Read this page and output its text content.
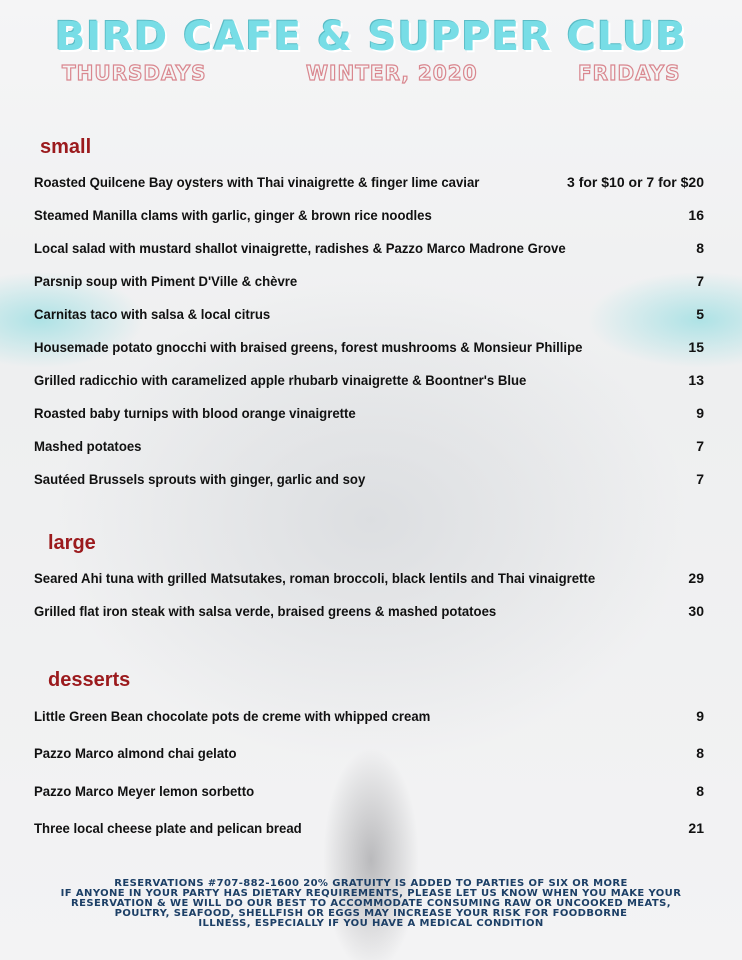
BIRD CAFE & SUPPER CLUB
THURSDAYS	WINTER, 2020	FRIDAYS
small
Roasted Quilcene Bay oysters with Thai vinaigrette & finger lime caviar	3 for $10 or 7 for $20
Steamed Manilla clams with garlic, ginger & brown rice noodles	16
Local salad with mustard shallot vinaigrette, radishes & Pazzo Marco Madrone Grove	8
Parsnip soup with Piment D'Ville & chèvre	7
Carnitas taco with salsa & local citrus	5
Housemade potato gnocchi with braised greens, forest mushrooms & Monsieur Phillipe	15
Grilled radicchio with caramelized apple rhubarb vinaigrette & Boontner's Blue	13
Roasted baby turnips with blood orange vinaigrette	9
Mashed potatoes	7
Sautéed Brussels sprouts with ginger, garlic and soy	7
large
Seared Ahi tuna with grilled Matsutakes, roman broccoli, black lentils and Thai vinaigrette	29
Grilled flat iron steak with salsa verde, braised greens & mashed potatoes	30
desserts
Little Green Bean chocolate pots de creme with whipped cream	9
Pazzo Marco almond chai gelato	8
Pazzo Marco Meyer lemon sorbetto	8
Three local cheese plate and pelican bread	21
RESERVATIONS #707-882-1600 20% GRATUITY IS ADDED TO PARTIES OF SIX OR MORE
IF ANYONE IN YOUR PARTY HAS DIETARY REQUIREMENTS, PLEASE LET US KNOW WHEN YOU MAKE YOUR
RESERVATION & WE WILL DO OUR BEST TO ACCOMMODATE CONSUMING RAW OR UNCOOKED MEATS,
POULTRY, SEAFOOD, SHELLFISH OR EGGS MAY INCREASE YOUR RISK FOR FOODBORNE
ILLNESS, ESPECIALLY IF YOU HAVE A MEDICAL CONDITION
